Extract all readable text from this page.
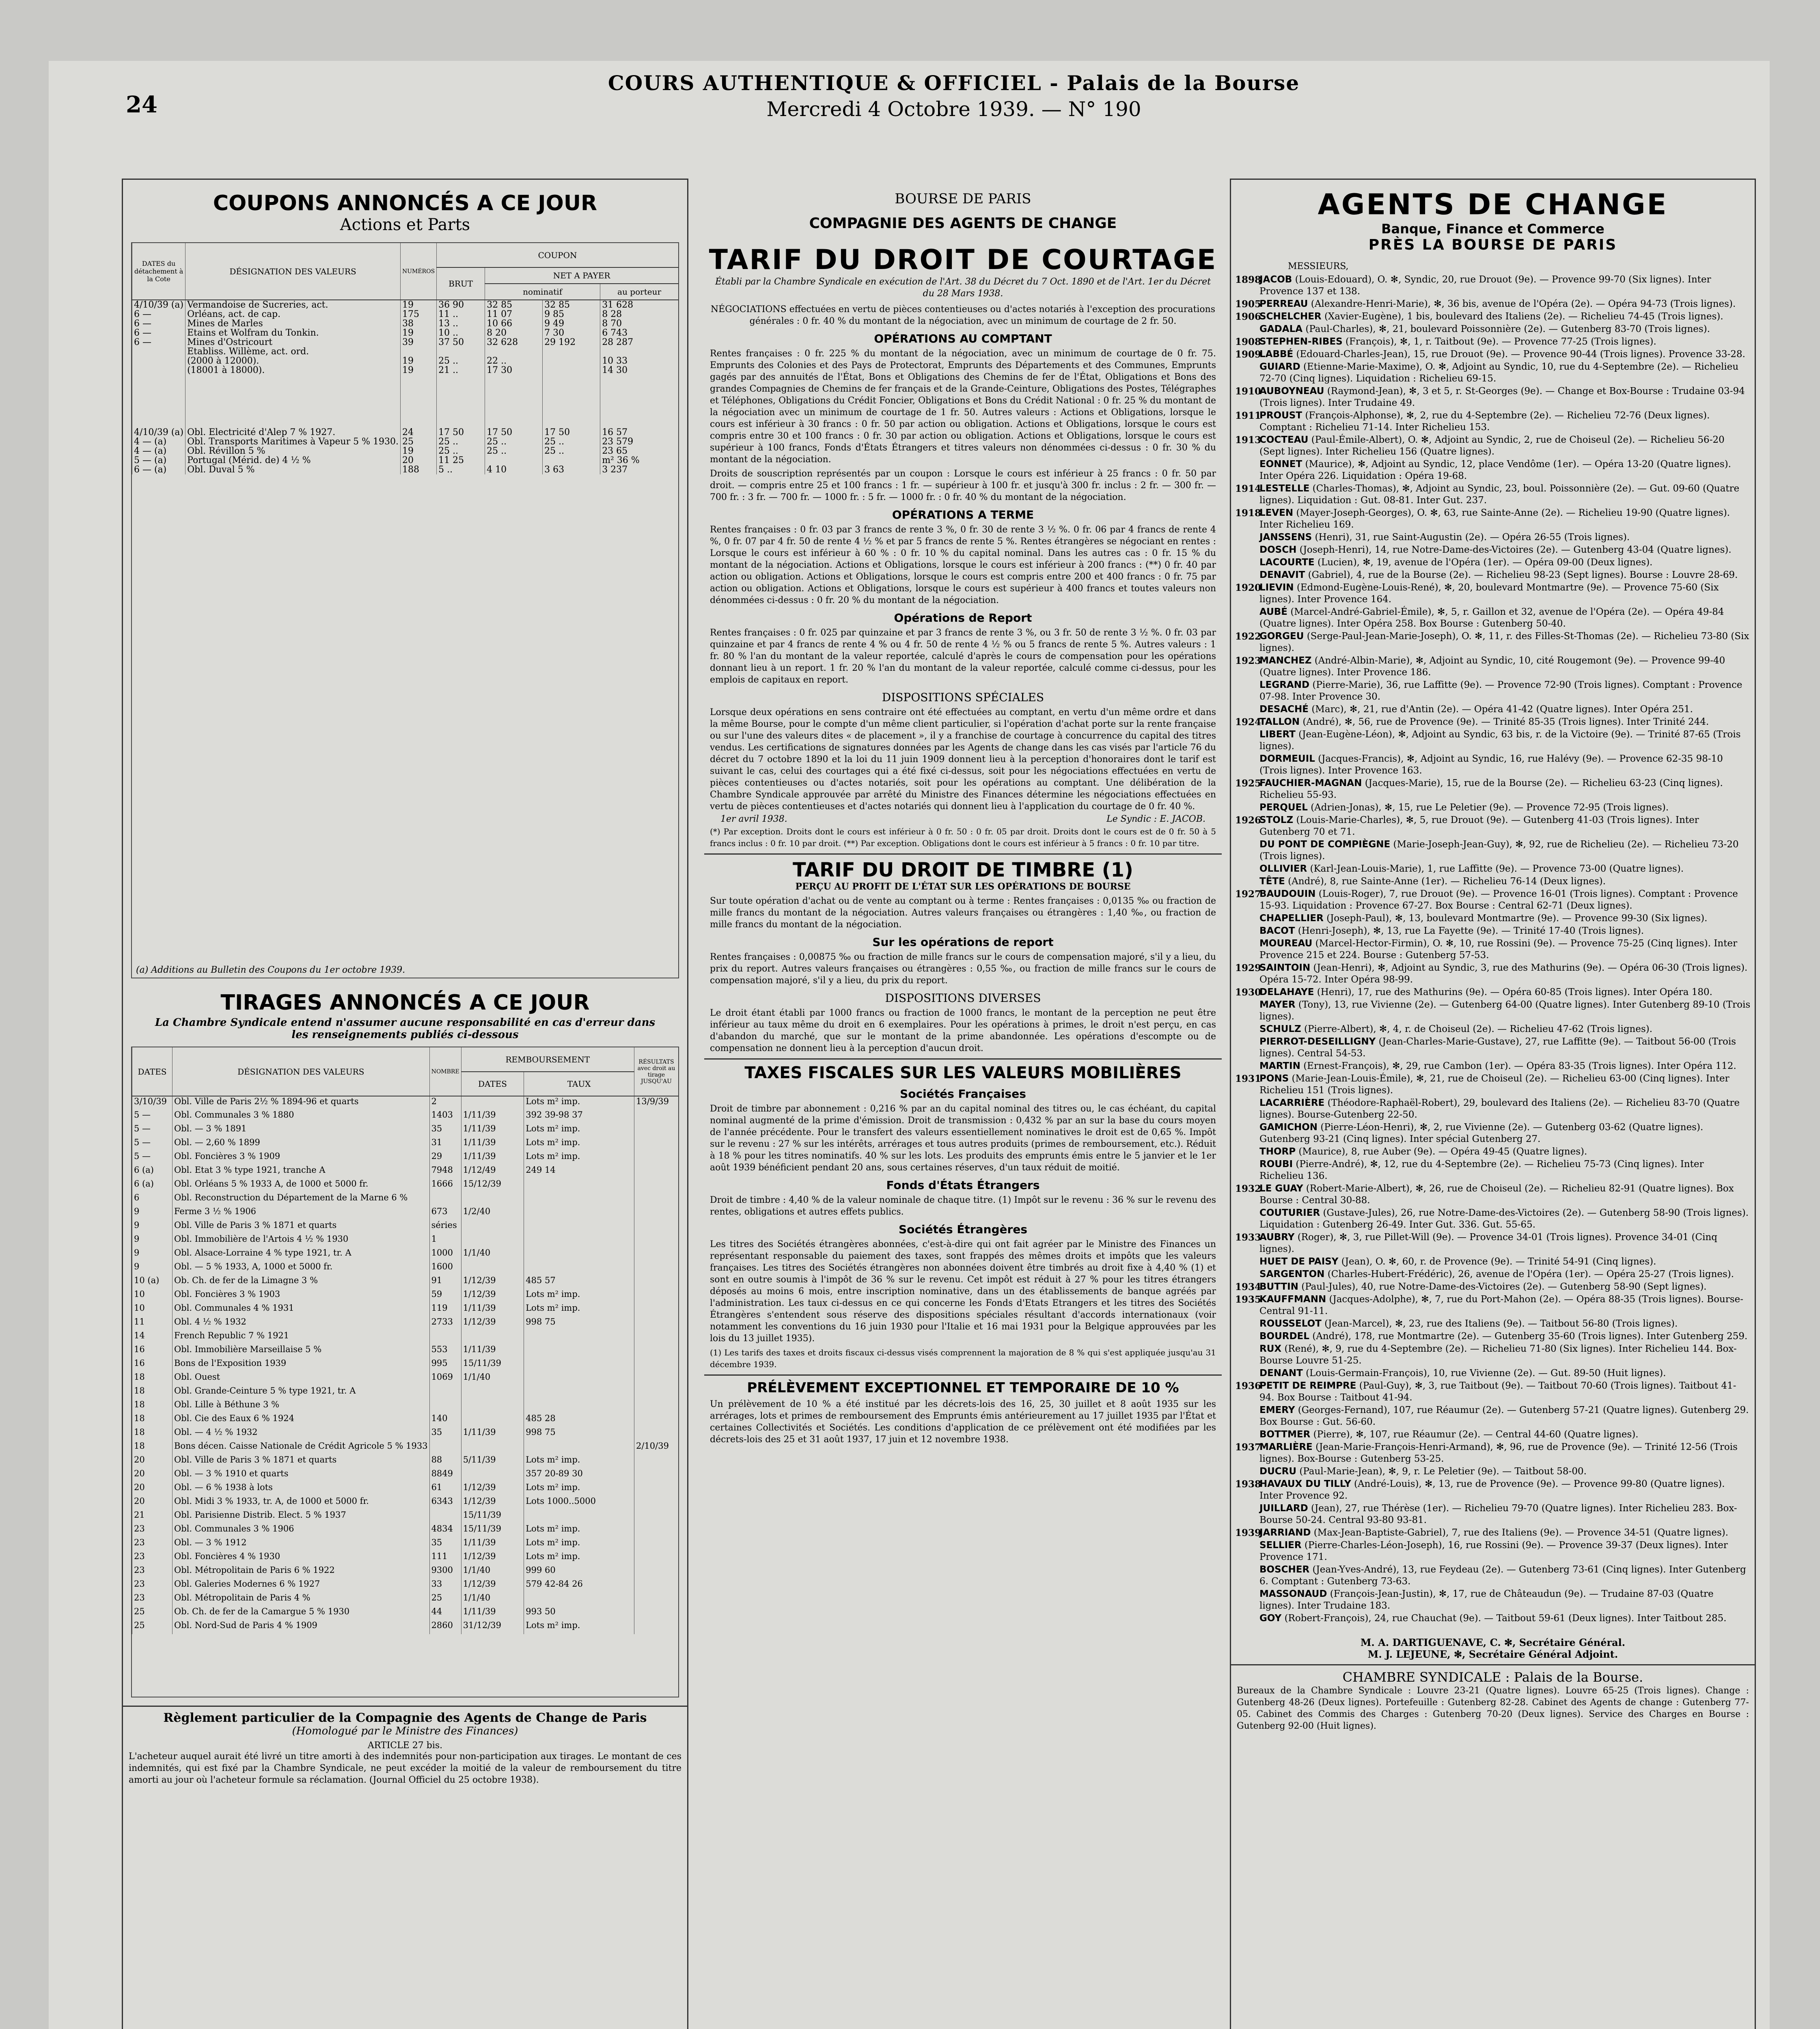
24
COURS AUTHENTIQUE & OFFICIEL - Palais de la Bourse
Mercredi 4 Octobre 1939. — N° 190
COUPONS ANNONCÉS A CE JOUR
Actions et Parts
DATES du détachement à la Cote	DÉSIGNATION DES VALEURS	NUMÉROS	COUPON			
			BRUT	NET A PAYER		
				nominatif		au porteur
4/10/39 (a)	Vermandoise de Sucreries, act.	19	36 90	32 85	32 85	31 628
6 —	Orléans, act. de cap.	175	11 ..	11 07	9 85	8 28
6 —	Mines de Marles	38	13 ..	10 66	9 49	8 70
6 —	Etains et Wolfram du Tonkin.	19	10 ..	8 20	7 30	6 743
6 —	Mines d'Ostricourt	39	37 50	32 628	29 192	28 287
	Etabliss. Willème, act. ord.					
	(2000 à 12000).	19	25 ..	22 ..		10 33
	(18001 à 18000).	19	21 ..	17 30		14 30

4/10/39 (a)	Obl. Electricité d'Alep 7 % 1927.	24	17 50	17 50	17 50	16 57
4 — (a)	Obl. Transports Maritimes à Vapeur 5 % 1930.	25	25 ..	25 ..	25 ..	23 579
4 — (a)	Obl. Révillon 5 %	19	25 ..	25 ..	25 ..	23 65
5 — (a)	Portugal (Mérid. de) 4 ½ %	20	11 25			m² 36 %
6 — (a)	Obl. Duval 5 %	188	5 ..	4 10	3 63	3 237
(a) Additions au Bulletin des Coupons du 1er octobre 1939.
TIRAGES ANNONCÉS A CE JOUR
La Chambre Syndicale entend n'assumer aucune responsabilité en cas d'erreur dans les renseignements publiés ci-dessous
DATES	DÉSIGNATION DES VALEURS	NOMBRE	REMBOURSEMENT		RÉSULTATS avec droit au tirage JUSQU'AU
			DATES	TAUX	
3/10/39	Obl. Ville de Paris 2½ % 1894-96 et quarts	2		Lots m² imp.	13/9/39
5 —	Obl. Communales 3 % 1880	1403	1/11/39	392 39-98 37	
5 —	Obl. — 3 % 1891	35	1/11/39	Lots m² imp.	
5 —	Obl. — 2,60 % 1899	31	1/11/39	Lots m² imp.	
5 —	Obl. Foncières 3 % 1909	29	1/11/39	Lots m² imp.	
6 (a)	Obl. Etat 3 % type 1921, tranche A	7948	1/12/49	249 14	
6 (a)	Obl. Orléans 5 % 1933 A, de 1000 et 5000 fr.	1666	15/12/39		
6	Obl. Reconstruction du Département de la Marne 6 %				
9	Ferme 3 ½ % 1906	673	1/2/40		
9	Obl. Ville de Paris 3 % 1871 et quarts	séries			
9	Obl. Immobilière de l'Artois 4 ½ % 1930	1			
9	Obl. Alsace-Lorraine 4 % type 1921, tr. A	1000	1/1/40		
9	Obl. — 5 % 1933, A, 1000 et 5000 fr.	1600			
10 (a)	Ob. Ch. de fer de la Limagne 3 %	91	1/12/39	485 57	
10	Obl. Foncières 3 % 1903	59	1/12/39	Lots m² imp.	
10	Obl. Communales 4 % 1931	119	1/11/39	Lots m² imp.	
11	Obl. 4 ½ % 1932	2733	1/12/39	998 75	
14	French Republic 7 % 1921				
16	Obl. Immobilière Marseillaise 5 %	553	1/11/39		
16	Bons de l'Exposition 1939	995	15/11/39		
18	Obl. Ouest	1069	1/1/40		
18	Obl. Grande-Ceinture 5 % type 1921, tr. A				
18	Obl. Lille à Béthune 3 %				
18	Obl. Cie des Eaux 6 % 1924	140		485 28	
18	Obl. — 4 ½ % 1932	35	1/11/39	998 75	
18	Bons décen. Caisse Nationale de Crédit Agricole 5 % 1933				2/10/39
20	Obl. Ville de Paris 3 % 1871 et quarts	88	5/11/39	Lots m² imp.	
20	Obl. — 3 % 1910 et quarts	8849		357 20-89 30	
20	Obl. — 6 % 1938 à lots	61	1/12/39	Lots m² imp.	
20	Obl. Midi 3 % 1933, tr. A, de 1000 et 5000 fr.	6343	1/12/39	Lots 1000..5000	
21	Obl. Parisienne Distrib. Elect. 5 % 1937		15/11/39		
23	Obl. Communales 3 % 1906	4834	15/11/39	Lots m² imp.	
23	Obl. — 3 % 1912	35	1/11/39	Lots m² imp.	
23	Obl. Foncières 4 % 1930	111	1/12/39	Lots m² imp.	
23	Obl. Métropolitain de Paris 6 % 1922	9300	1/1/40	999 60	
23	Obl. Galeries Modernes 6 % 1927	33	1/12/39	579 42-84 26	
23	Obl. Métropolitain de Paris 4 %	25	1/1/40		
25	Ob. Ch. de fer de la Camargue 5 % 1930	44	1/11/39	993 50	
25	Obl. Nord-Sud de Paris 4 % 1909	2860	31/12/39	Lots m² imp.	
Règlement particulier de la Compagnie des Agents de Change de Paris
(Homologué par le Ministre des Finances)
ARTICLE 27 bis.
L'acheteur auquel aurait été livré un titre amorti à des indemnités pour non-participation aux tirages. Le montant de ces indemnités, qui est fixé par la Chambre Syndicale, ne peut excéder la moitié de la valeur de remboursement du titre amorti au jour où l'acheteur formule sa réclamation. (Journal Officiel du 25 octobre 1938).
BOURSE DE PARIS
COMPAGNIE DES AGENTS DE CHANGE
TARIF DU DROIT DE COURTAGE
Établi par la Chambre Syndicale en exécution de l'Art. 38 du Décret du 7 Oct. 1890 et de l'Art. 1er du Décret du 28 Mars 1938.
NÉGOCIATIONS effectuées en vertu de pièces contentieuses ou d'actes notariés à l'exception des procurations générales : 0 fr. 40 % du montant de la négociation, avec un minimum de courtage de 2 fr. 50.
OPÉRATIONS AU COMPTANT
Rentes françaises : 0 fr. 225 % du montant de la négociation, avec un minimum de courtage de 0 fr. 75. Emprunts des Colonies et des Pays de Protectorat, Emprunts des Départements et des Communes, Emprunts gagés par des annuités de l'État, Bons et Obligations des Chemins de fer de l'État, Obligations et Bons des grandes Compagnies de Chemins de fer français et de la Grande-Ceinture, Obligations des Postes, Télégraphes et Téléphones, Obligations du Crédit Foncier, Obligations et Bons du Crédit National : 0 fr. 25 % du montant de la négociation avec un minimum de courtage de 1 fr. 50. Autres valeurs : Actions et Obligations, lorsque le cours est inférieur à 30 francs : 0 fr. 50 par action ou obligation. Actions et Obligations, lorsque le cours est compris entre 30 et 100 francs : 0 fr. 30 par action ou obligation. Actions et Obligations, lorsque le cours est supérieur à 100 francs, Fonds d'États Étrangers et titres valeurs non dénommées ci-dessus : 0 fr. 30 % du montant de la négociation.
Droits de souscription représentés par un coupon : Lorsque le cours est inférieur à 25 francs : 0 fr. 50 par droit. — compris entre 25 et 100 francs : 1 fr. — supérieur à 100 fr. et jusqu'à 300 fr. inclus : 2 fr. — 300 fr. — 700 fr. : 3 fr. — 700 fr. — 1000 fr. : 5 fr. — 1000 fr. : 0 fr. 40 % du montant de la négociation.
OPÉRATIONS A TERME
Rentes françaises : 0 fr. 03 par 3 francs de rente 3 %, 0 fr. 30 de rente 3 ½ %. 0 fr. 06 par 4 francs de rente 4 %, 0 fr. 07 par 4 fr. 50 de rente 4 ½ % et par 5 francs de rente 5 %. Rentes étrangères se négociant en rentes : Lorsque le cours est inférieur à 60 % : 0 fr. 10 % du capital nominal. Dans les autres cas : 0 fr. 15 % du montant de la négociation. Actions et Obligations, lorsque le cours est inférieur à 200 francs : (**) 0 fr. 40 par action ou obligation. Actions et Obligations, lorsque le cours est compris entre 200 et 400 francs : 0 fr. 75 par action ou obligation. Actions et Obligations, lorsque le cours est supérieur à 400 francs et toutes valeurs non dénommées ci-dessus : 0 fr. 20 % du montant de la négociation.
Opérations de Report
Rentes françaises : 0 fr. 025 par quinzaine et par 3 francs de rente 3 %, ou 3 fr. 50 de rente 3 ½ %. 0 fr. 03 par quinzaine et par 4 francs de rente 4 % ou 4 fr. 50 de rente 4 ½ % ou 5 francs de rente 5 %. Autres valeurs : 1 fr. 80 % l'an du montant de la valeur reportée, calculé d'après le cours de compensation pour les opérations donnant lieu à un report. 1 fr. 20 % l'an du montant de la valeur reportée, calculé comme ci-dessus, pour les emplois de capitaux en report.
DISPOSITIONS SPÉCIALES
Lorsque deux opérations en sens contraire ont été effectuées au comptant, en vertu d'un même ordre et dans la même Bourse, pour le compte d'un même client particulier, si l'opération d'achat porte sur la rente française ou sur l'une des valeurs dites « de placement », il y a franchise de courtage à concurrence du capital des titres vendus. Les certifications de signatures données par les Agents de change dans les cas visés par l'article 76 du décret du 7 octobre 1890 et la loi du 11 juin 1909 donnent lieu à la perception d'honoraires dont le tarif est suivant le cas, celui des courtages qui a été fixé ci-dessus, soit pour les négociations effectuées en vertu de pièces contentieuses ou d'actes notariés, soit pour les opérations au comptant. Une délibération de la Chambre Syndicale approuvée par arrêté du Ministre des Finances détermine les négociations effectuées en vertu de pièces contentieuses et d'actes notariés qui donnent lieu à l'application du courtage de 0 fr. 40 %.
1er avril 1938.	Le Syndic : E. JACOB.
(*) Par exception. Droits dont le cours est inférieur à 0 fr. 50 : 0 fr. 05 par droit. Droits dont le cours est de 0 fr. 50 à 5 francs inclus : 0 fr. 10 par droit. (**) Par exception. Obligations dont le cours est inférieur à 5 francs : 0 fr. 10 par titre.
TARIF DU DROIT DE TIMBRE (1)
PERÇU AU PROFIT DE L'ÉTAT SUR LES OPÉRATIONS DE BOURSE
Sur toute opération d'achat ou de vente au comptant ou à terme : Rentes françaises : 0,0135 ‰ ou fraction de mille francs du montant de la négociation. Autres valeurs françaises ou étrangères : 1,40 ‰, ou fraction de mille francs du montant de la négociation.
Sur les opérations de report
Rentes françaises : 0,00875 ‰ ou fraction de mille francs sur le cours de compensation majoré, s'il y a lieu, du prix du report. Autres valeurs françaises ou étrangères : 0,55 ‰, ou fraction de mille francs sur le cours de compensation majoré, s'il y a lieu, du prix du report.
DISPOSITIONS DIVERSES
Le droit étant établi par 1000 francs ou fraction de 1000 francs, le montant de la perception ne peut être inférieur au taux même du droit en 6 exemplaires. Pour les opérations à primes, le droit n'est perçu, en cas d'abandon du marché, que sur le montant de la prime abandonnée. Les opérations d'escompte ou de compensation ne donnent lieu à la perception d'aucun droit.
TAXES FISCALES SUR LES VALEURS MOBILIÈRES
Sociétés Françaises
Droit de timbre par abonnement : 0,216 % par an du capital nominal des titres ou, le cas échéant, du capital nominal augmenté de la prime d'émission. Droit de transmission : 0,432 % par an sur la base du cours moyen de l'année précédente. Pour le transfert des valeurs essentiellement nominatives le droit est de 0,65 %. Impôt sur le revenu : 27 % sur les intérêts, arrérages et tous autres produits (primes de remboursement, etc.). Réduit à 18 % pour les titres nominatifs. 40 % sur les lots. Les produits des emprunts émis entre le 5 janvier et le 1er août 1939 bénéficient pendant 20 ans, sous certaines réserves, d'un taux réduit de moitié.
Fonds d'États Étrangers
Droit de timbre : 4,40 % de la valeur nominale de chaque titre. (1) Impôt sur le revenu : 36 % sur le revenu des rentes, obligations et autres effets publics.
Sociétés Étrangères
Les titres des Sociétés étrangères abonnées, c'est-à-dire qui ont fait agréer par le Ministre des Finances un représentant responsable du paiement des taxes, sont frappés des mêmes droits et impôts que les valeurs françaises. Les titres des Sociétés étrangères non abonnées doivent être timbrés au droit fixe à 4,40 % (1) et sont en outre soumis à l'impôt de 36 % sur le revenu. Cet impôt est réduit à 27 % pour les titres étrangers déposés au moins 6 mois, entre inscription nominative, dans un des établissements de banque agréés par l'administration. Les taux ci-dessus en ce qui concerne les Fonds d'Etats Etrangers et les titres des Sociétés Étrangères s'entendent sous réserve des dispositions spéciales résultant d'accords internationaux (voir notamment les conventions du 16 juin 1930 pour l'Italie et 16 mai 1931 pour la Belgique approuvées par les lois du 13 juillet 1935).
(1) Les tarifs des taxes et droits fiscaux ci-dessus visés comprennent la majoration de 8 % qui s'est appliquée jusqu'au 31 décembre 1939.
PRÉLÈVEMENT EXCEPTIONNEL ET TEMPORAIRE DE 10 %
Un prélèvement de 10 % a été institué par les décrets-lois des 16, 25, 30 juillet et 8 août 1935 sur les arrérages, lots et primes de remboursement des Emprunts émis antérieurement au 17 juillet 1935 par l'État et certaines Collectivités et Sociétés. Les conditions d'application de ce prélèvement ont été modifiées par les décrets-lois des 25 et 31 août 1937, 17 juin et 12 novembre 1938.
AGENTS DE CHANGE
Banque, Finance et Commerce
PRÈS LA BOURSE DE PARIS
MESSIEURS,
1898
JACOB (Louis-Edouard), O. ✻, Syndic, 20, rue Drouot (9e). — Provence 99-70 (Six lignes). Inter Provence 137 et 138.
1905
PERREAU (Alexandre-Henri-Marie), ✻, 36 bis, avenue de l'Opéra (2e). — Opéra 94-73 (Trois lignes).
1906
SCHELCHER (Xavier-Eugène), 1 bis, boulevard des Italiens (2e). — Richelieu 74-45 (Trois lignes).
GADALA (Paul-Charles), ✻, 21, boulevard Poissonnière (2e). — Gutenberg 83-70 (Trois lignes).
1908
STEPHEN-RIBES (François), ✻, 1, r. Taitbout (9e). — Provence 77-25 (Trois lignes).
1909
LABBÉ (Edouard-Charles-Jean), 15, rue Drouot (9e). — Provence 90-44 (Trois lignes). Provence 33-28.
GUIARD (Etienne-Marie-Maxime), O. ✻, Adjoint au Syndic, 10, rue du 4-Septembre (2e). — Richelieu 72-70 (Cinq lignes). Liquidation : Richelieu 69-15.
1910
AUBOYNEAU (Raymond-Jean), ✻, 3 et 5, r. St-Georges (9e). — Change et Box-Bourse : Trudaine 03-94 (Trois lignes). Inter Trudaine 49.
1911
PROUST (François-Alphonse), ✻, 2, rue du 4-Septembre (2e). — Richelieu 72-76 (Deux lignes). Comptant : Richelieu 71-14. Inter Richelieu 153.
1913
COCTEAU (Paul-Émile-Albert), O. ✻, Adjoint au Syndic, 2, rue de Choiseul (2e). — Richelieu 56-20 (Sept lignes). Inter Richelieu 156 (Quatre lignes).
EONNET (Maurice), ✻, Adjoint au Syndic, 12, place Vendôme (1er). — Opéra 13-20 (Quatre lignes). Inter Opéra 226. Liquidation : Opéra 19-68.
1914
LESTELLE (Charles-Thomas), ✻, Adjoint au Syndic, 23, boul. Poissonnière (2e). — Gut. 09-60 (Quatre lignes). Liquidation : Gut. 08-81. Inter Gut. 237.
1918
LEVEN (Mayer-Joseph-Georges), O. ✻, 63, rue Sainte-Anne (2e). — Richelieu 19-90 (Quatre lignes). Inter Richelieu 169.
JANSSENS (Henri), 31, rue Saint-Augustin (2e). — Opéra 26-55 (Trois lignes).
DOSCH (Joseph-Henri), 14, rue Notre-Dame-des-Victoires (2e). — Gutenberg 43-04 (Quatre lignes).
LACOURTE (Lucien), ✻, 19, avenue de l'Opéra (1er). — Opéra 09-00 (Deux lignes).
DENAVIT (Gabriel), 4, rue de la Bourse (2e). — Richelieu 98-23 (Sept lignes). Bourse : Louvre 28-69.
1920
LIEVIN (Edmond-Eugène-Louis-René), ✻, 20, boulevard Montmartre (9e). — Provence 75-60 (Six lignes). Inter Provence 164.
AUBÉ (Marcel-André-Gabriel-Émile), ✻, 5, r. Gaillon et 32, avenue de l'Opéra (2e). — Opéra 49-84 (Quatre lignes). Inter Opéra 258. Box Bourse : Gutenberg 50-40.
1922
GORGEU (Serge-Paul-Jean-Marie-Joseph), O. ✻, 11, r. des Filles-St-Thomas (2e). — Richelieu 73-80 (Six lignes).
1923
MANCHEZ (André-Albin-Marie), ✻, Adjoint au Syndic, 10, cité Rougemont (9e). — Provence 99-40 (Quatre lignes). Inter Provence 186.
LEGRAND (Pierre-Marie), 36, rue Laffitte (9e). — Provence 72-90 (Trois lignes). Comptant : Provence 07-98. Inter Provence 30.
DESACHÉ (Marc), ✻, 21, rue d'Antin (2e). — Opéra 41-42 (Quatre lignes). Inter Opéra 251.
1924
TALLON (André), ✻, 56, rue de Provence (9e). — Trinité 85-35 (Trois lignes). Inter Trinité 244.
LIBERT (Jean-Eugène-Léon), ✻, Adjoint au Syndic, 63 bis, r. de la Victoire (9e). — Trinité 87-65 (Trois lignes).
DORMEUIL (Jacques-Francis), ✻, Adjoint au Syndic, 16, rue Halévy (9e). — Provence 62-35 98-10 (Trois lignes). Inter Provence 163.
1925
FAUCHIER-MAGNAN (Jacques-Marie), 15, rue de la Bourse (2e). — Richelieu 63-23 (Cinq lignes). Richelieu 55-93.
PERQUEL (Adrien-Jonas), ✻, 15, rue Le Peletier (9e). — Provence 72-95 (Trois lignes).
1926
STOLZ (Louis-Marie-Charles), ✻, 5, rue Drouot (9e). — Gutenberg 41-03 (Trois lignes). Inter Gutenberg 70 et 71.
DU PONT DE COMPIÈGNE (Marie-Joseph-Jean-Guy), ✻, 92, rue de Richelieu (2e). — Richelieu 73-20 (Trois lignes).
OLLIVIER (Karl-Jean-Louis-Marie), 1, rue Laffitte (9e). — Provence 73-00 (Quatre lignes).
TÊTE (André), 8, rue Sainte-Anne (1er). — Richelieu 76-14 (Deux lignes).
1927
BAUDOUIN (Louis-Roger), 7, rue Drouot (9e). — Provence 16-01 (Trois lignes). Comptant : Provence 15-93. Liquidation : Provence 67-27. Box Bourse : Central 62-71 (Deux lignes).
CHAPELLIER (Joseph-Paul), ✻, 13, boulevard Montmartre (9e). — Provence 99-30 (Six lignes).
BACOT (Henri-Joseph), ✻, 13, rue La Fayette (9e). — Trinité 17-40 (Trois lignes).
MOUREAU (Marcel-Hector-Firmin), O. ✻, 10, rue Rossini (9e). — Provence 75-25 (Cinq lignes). Inter Provence 215 et 224. Bourse : Gutenberg 57-53.
1929
SAINTOIN (Jean-Henri), ✻, Adjoint au Syndic, 3, rue des Mathurins (9e). — Opéra 06-30 (Trois lignes). Opéra 15-72. Inter Opéra 98-99.
1930
DELAHAYE (Henri), 17, rue des Mathurins (9e). — Opéra 60-85 (Trois lignes). Inter Opéra 180.
MAYER (Tony), 13, rue Vivienne (2e). — Gutenberg 64-00 (Quatre lignes). Inter Gutenberg 89-10 (Trois lignes).
SCHULZ (Pierre-Albert), ✻, 4, r. de Choiseul (2e). — Richelieu 47-62 (Trois lignes).
PIERROT-DESEILLIGNY (Jean-Charles-Marie-Gustave), 27, rue Laffitte (9e). — Taitbout 56-00 (Trois lignes). Central 54-53.
MARTIN (Ernest-François), ✻, 29, rue Cambon (1er). — Opéra 83-35 (Trois lignes). Inter Opéra 112.
1931
PONS (Marie-Jean-Louis-Émile), ✻, 21, rue de Choiseul (2e). — Richelieu 63-00 (Cinq lignes). Inter Richelieu 151 (Trois lignes).
LACARRIÈRE (Théodore-Raphaël-Robert), 29, boulevard des Italiens (2e). — Richelieu 83-70 (Quatre lignes). Bourse-Gutenberg 22-50.
GAMICHON (Pierre-Léon-Henri), ✻, 2, rue Vivienne (2e). — Gutenberg 03-62 (Quatre lignes). Gutenberg 93-21 (Cinq lignes). Inter spécial Gutenberg 27.
THORP (Maurice), 8, rue Auber (9e). — Opéra 49-45 (Quatre lignes).
ROUBI (Pierre-André), ✻, 12, rue du 4-Septembre (2e). — Richelieu 75-73 (Cinq lignes). Inter Richelieu 136.
1932
LE GUAY (Robert-Marie-Albert), ✻, 26, rue de Choiseul (2e). — Richelieu 82-91 (Quatre lignes). Box Bourse : Central 30-88.
COUTURIER (Gustave-Jules), 26, rue Notre-Dame-des-Victoires (2e). — Gutenberg 58-90 (Trois lignes). Liquidation : Gutenberg 26-49. Inter Gut. 336. Gut. 55-65.
1933
AUBRY (Roger), ✻, 3, rue Pillet-Will (9e). — Provence 34-01 (Trois lignes). Provence 34-01 (Cinq lignes).
HUET DE PAISY (Jean), O. ✻, 60, r. de Provence (9e). — Trinité 54-91 (Cinq lignes).
SARGENTON (Charles-Hubert-Frédéric), 26, avenue de l'Opéra (1er). — Opéra 25-27 (Trois lignes).
1934
BUTTIN (Paul-Jules), 40, rue Notre-Dame-des-Victoires (2e). — Gutenberg 58-90 (Sept lignes).
1935
KAUFFMANN (Jacques-Adolphe), ✻, 7, rue du Port-Mahon (2e). — Opéra 88-35 (Trois lignes). Bourse-Central 91-11.
ROUSSELOT (Jean-Marcel), ✻, 23, rue des Italiens (9e). — Taitbout 56-80 (Trois lignes).
BOURDEL (André), 178, rue Montmartre (2e). — Gutenberg 35-60 (Trois lignes). Inter Gutenberg 259.
RUX (René), ✻, 9, rue du 4-Septembre (2e). — Richelieu 71-80 (Six lignes). Inter Richelieu 144. Box-Bourse Louvre 51-25.
DENANT (Louis-Germain-François), 10, rue Vivienne (2e). — Gut. 89-50 (Huit lignes).
1936
PETIT DE REIMPRE (Paul-Guy), ✻, 3, rue Taitbout (9e). — Taitbout 70-60 (Trois lignes). Taitbout 41-94. Box Bourse : Taitbout 41-94.
EMERY (Georges-Fernand), 107, rue Réaumur (2e). — Gutenberg 57-21 (Quatre lignes). Gutenberg 29. Box Bourse : Gut. 56-60.
BOTTMER (Pierre), ✻, 107, rue Réaumur (2e). — Central 44-60 (Quatre lignes).
1937
MARLIÈRE (Jean-Marie-François-Henri-Armand), ✻, 96, rue de Provence (9e). — Trinité 12-56 (Trois lignes). Box-Bourse : Gutenberg 53-25.
DUCRU (Paul-Marie-Jean), ✻, 9, r. Le Peletier (9e). — Taitbout 58-00.
1938
HAVAUX DU TILLY (André-Louis), ✻, 13, rue de Provence (9e). — Provence 99-80 (Quatre lignes). Inter Provence 92.
JUILLARD (Jean), 27, rue Thérèse (1er). — Richelieu 79-70 (Quatre lignes). Inter Richelieu 283. Box-Bourse 50-24. Central 93-80 93-81.
1939
JARRIAND (Max-Jean-Baptiste-Gabriel), 7, rue des Italiens (9e). — Provence 34-51 (Quatre lignes).
SELLIER (Pierre-Charles-Léon-Joseph), 16, rue Rossini (9e). — Provence 39-37 (Deux lignes). Inter Provence 171.
BOSCHER (Jean-Yves-André), 13, rue Feydeau (2e). — Gutenberg 73-61 (Cinq lignes). Inter Gutenberg 6. Comptant : Gutenberg 73-63.
MASSONAUD (François-Jean-Justin), ✻, 17, rue de Châteaudun (9e). — Trudaine 87-03 (Quatre lignes). Inter Trudaine 183.
GOY (Robert-François), 24, rue Chauchat (9e). — Taitbout 59-61 (Deux lignes). Inter Taitbout 285.
M. A. DARTIGUENAVE, C. ✻, Secrétaire Général.
M. J. LEJEUNE, ✻, Secrétaire Général Adjoint.
CHAMBRE SYNDICALE : Palais de la Bourse.
Bureaux de la Chambre Syndicale : Louvre 23-21 (Quatre lignes). Louvre 65-25 (Trois lignes). Change : Gutenberg 48-26 (Deux lignes). Portefeuille : Gutenberg 82-28. Cabinet des Agents de change : Gutenberg 77-05. Cabinet des Commis des Charges : Gutenberg 70-20 (Deux lignes). Service des Charges en Bourse : Gutenberg 92-00 (Huit lignes).
